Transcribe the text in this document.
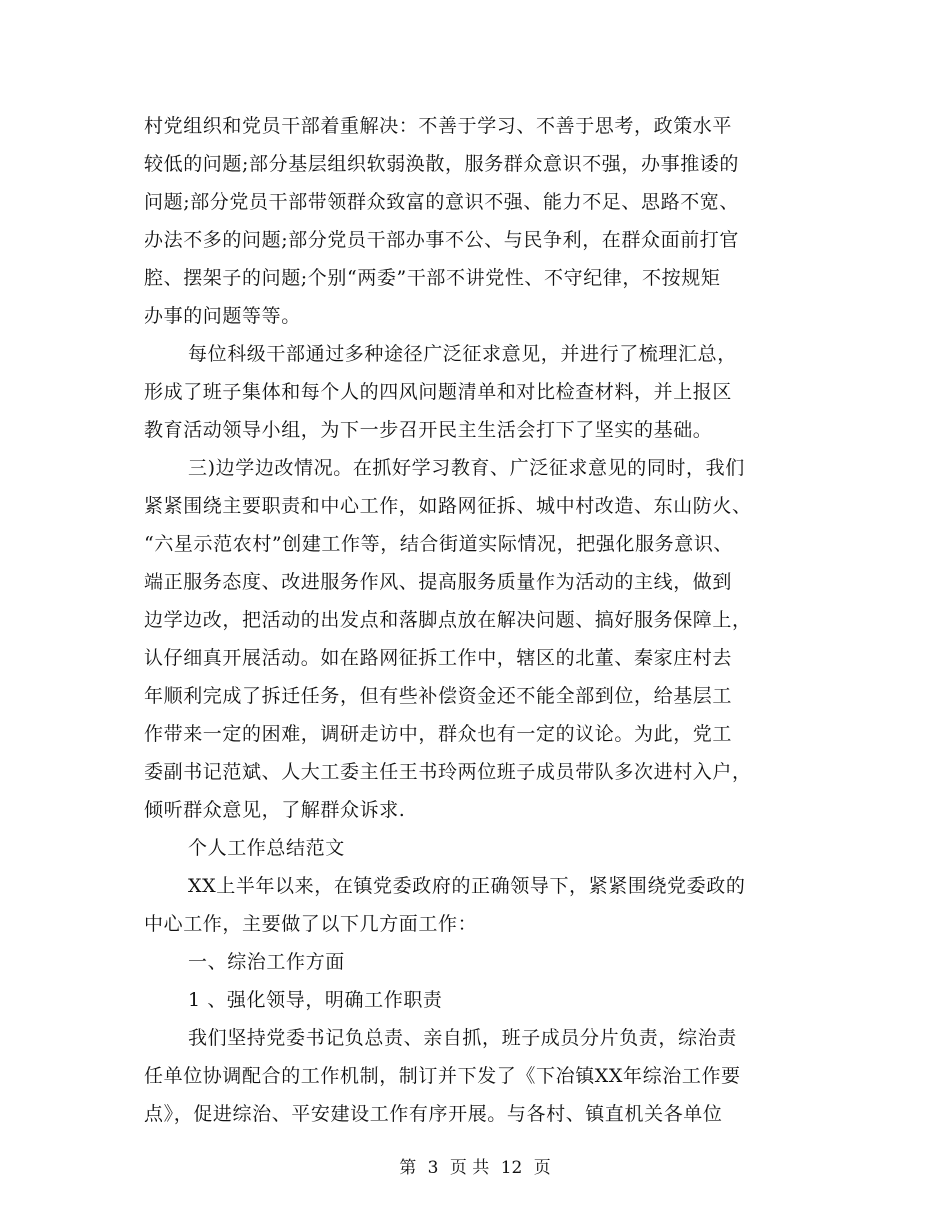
村党组织和党员干部着重解决：不善于学习、不善于思考，政策水平
较低的问题;部分基层组织软弱涣散，服务群众意识不强，办事推诿的
问题;部分党员干部带领群众致富的意识不强、能力不足、思路不宽、
办法不多的问题;部分党员干部办事不公、与民争利，在群众面前打官
腔、摆架子的问题;个别“两委”干部不讲党性、不守纪律，不按规矩
办事的问题等等。
每位科级干部通过多种途径广泛征求意见，并进行了梳理汇总，
形成了班子集体和每个人的四风问题清单和对比检查材料，并上报区
教育活动领导小组，为下一步召开民主生活会打下了坚实的基础。
三)边学边改情况。在抓好学习教育、广泛征求意见的同时，我们
紧紧围绕主要职责和中心工作，如路网征拆、城中村改造、东山防火、
“六星示范农村”创建工作等，结合街道实际情况，把强化服务意识、
端正服务态度、改进服务作风、提高服务质量作为活动的主线，做到
边学边改，把活动的出发点和落脚点放在解决问题、搞好服务保障上，
认仔细真开展活动。如在路网征拆工作中，辖区的北董、秦家庄村去
年顺利完成了拆迁任务，但有些补偿资金还不能全部到位，给基层工
作带来一定的困难，调研走访中，群众也有一定的议论。为此，党工
委副书记范斌、人大工委主任王书玲两位班子成员带队多次进村入户，
倾听群众意见，了解群众诉求.
个人工作总结范文
XX上半年以来，在镇党委政府的正确领导下，紧紧围绕党委政的
中心工作，主要做了以下几方面工作：
一、综治工作方面
1 、强化领导，明确工作职责
我们坚持党委书记负总责、亲自抓，班子成员分片负责，综治责
任单位协调配合的工作机制，制订并下发了《下冶镇XX年综治工作要
点》，促进综治、平安建设工作有序开展。与各村、镇直机关各单位
第 3 页 共 12 页
